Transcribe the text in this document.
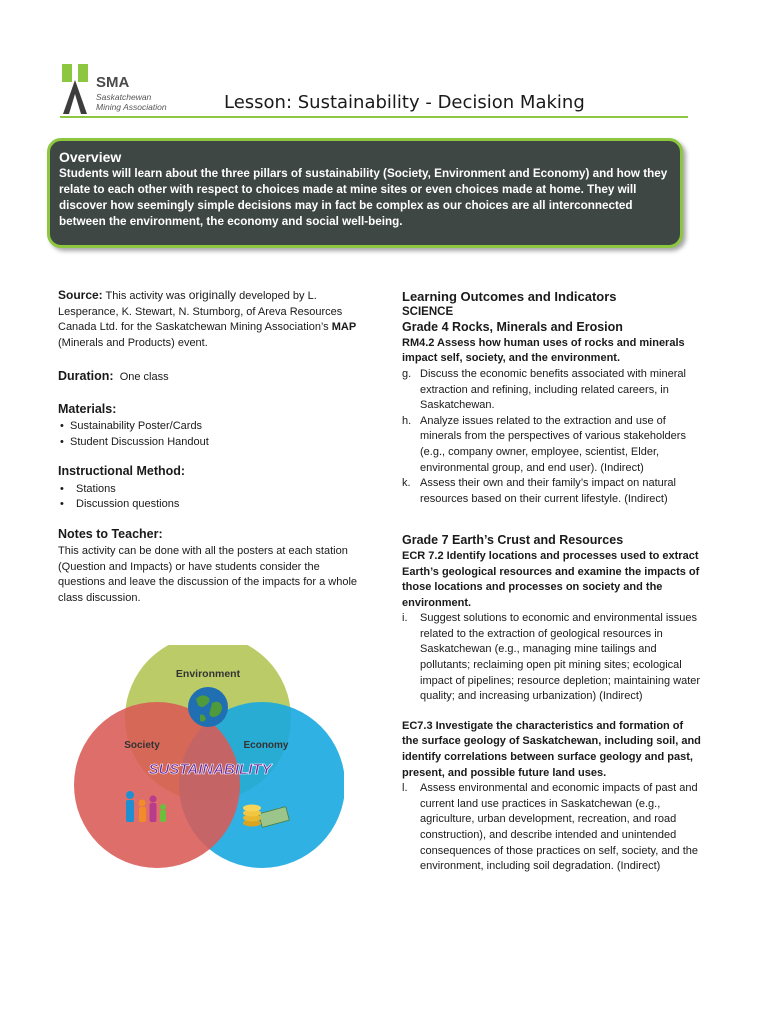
SMA
Saskatchewan
Mining Association	Lesson: Sustainability - Decision Making
Overview

Students will learn about the three pillars of sustainability (Society, Environment and Economy) and how they relate to each other with respect to choices made at mine sites or even choices made at home. They will discover how seemingly simple decisions may in fact be complex as our choices are all interconnected between the environment, the economy and social well-being.

Source: This activity was originally developed by L. Lesperance, K. Stewart, N. Stumborg, of Areva Resources Canada Ltd. for the Saskatchewan Mining Association’s MAP (Minerals and Products) event.
Duration: One class
Materials:
• Sustainability Poster/Cards
• Student Discussion Handout
Instructional Method:
• Stations
• Discussion questions
Notes to Teacher:
This activity can be done with all the posters at each station (Question and Impacts) or have students consider the questions and leave the discussion of the impacts for a whole class discussion.
Environment
Society	Economy
SUSTAINABILITY
Learning Outcomes and Indicators
SCIENCE
Grade 4 Rocks, Minerals and Erosion

RM4.2 Assess how human uses of rocks and minerals impact self, society, and the environment.

g. Discuss the economic benefits associated with mineral extraction and refining, including related careers, in Saskatchewan.
h. Analyze issues related to the extraction and use of minerals from the perspectives of various stakeholders (e.g., company owner, employee, scientist, Elder, environmental group, and end user). (Indirect)
k. Assess their own and their family’s impact on natural resources based on their current lifestyle. (Indirect)
Grade 7 Earth’s Crust and Resources

ECR 7.2 Identify locations and processes used to extract Earth’s geological resources and examine the impacts of those locations and processes on society and the environment.

i. Suggest solutions to economic and environmental issues related to the extraction of geological resources in Saskatchewan (e.g., managing mine tailings and pollutants; reclaiming open pit mining sites; ecological impact of pipelines; resource depletion; maintaining water quality; and increasing urbanization) (Indirect)

EC7.3 Investigate the characteristics and formation of the surface geology of Saskatchewan, including soil, and identify correlations between surface geology and past, present, and possible future land uses.

l. Assess environmental and economic impacts of past and current land use practices in Saskatchewan (e.g., agriculture, urban development, recreation, and road construction), and describe intended and unintended consequences of those practices on self, society, and the environment, including soil degradation. (Indirect)
